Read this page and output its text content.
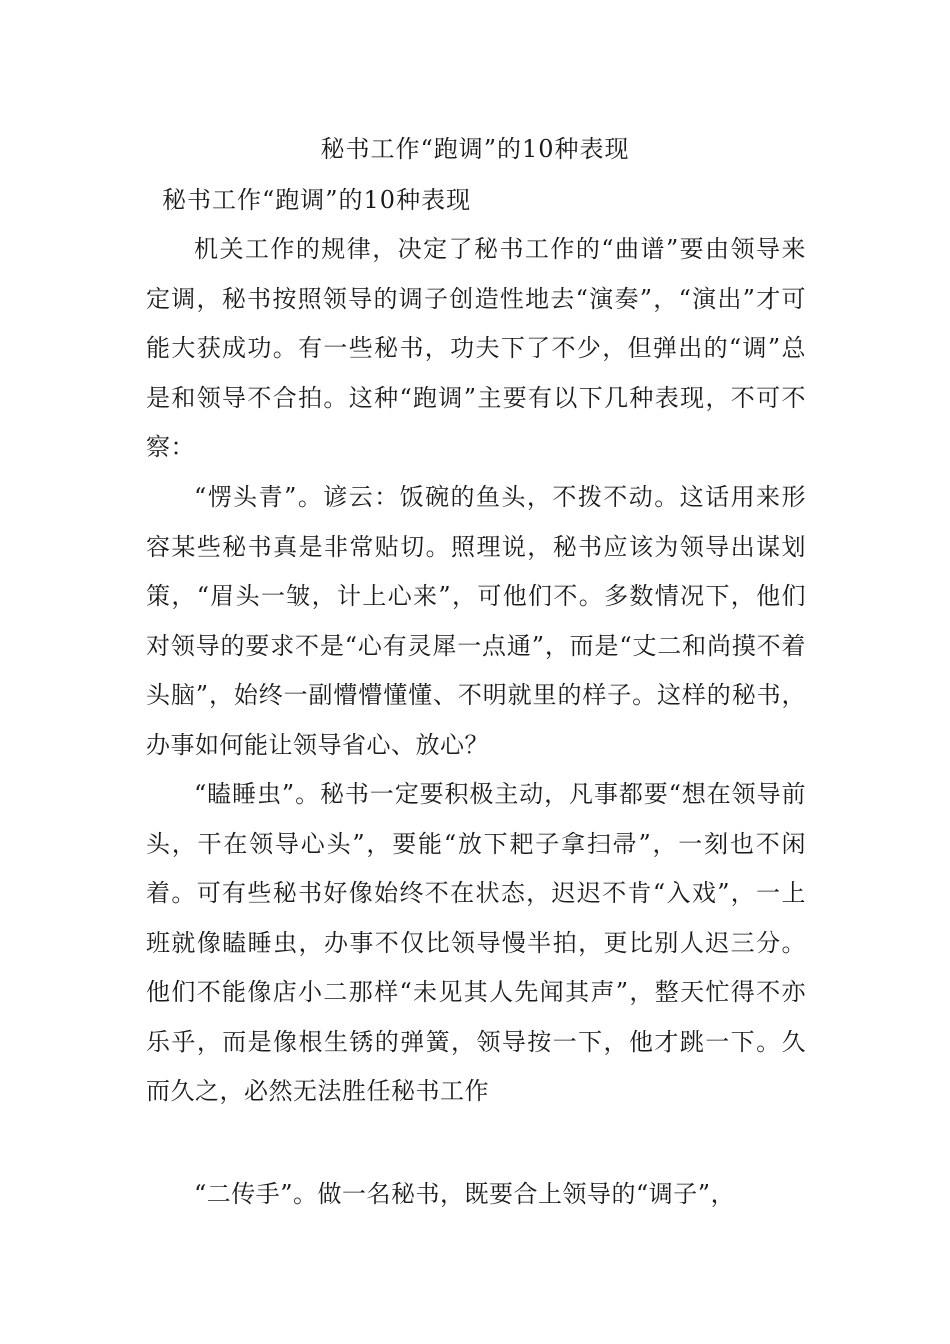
秘书工作“跑调”的10种表现
秘书工作“跑调”的10种表现

机关工作的规律，决定了秘书工作的“曲谱”要由领导来定调，秘书按照领导的调子创造性地去“演奏”，“演出”才可能大获成功。有一些秘书，功夫下了不少，但弹出的“调”总是和领导不合拍。这种“跑调”主要有以下几种表现，不可不察：

“愣头青”。谚云：饭碗的鱼头，不拨不动。这话用来形容某些秘书真是非常贴切。照理说，秘书应该为领导出谋划策，“眉头一皱，计上心来”，可他们不。多数情况下，他们对领导的要求不是“心有灵犀一点通”，而是“丈二和尚摸不着头脑”，始终一副懵懵懂懂、不明就里的样子。这样的秘书，办事如何能让领导省心、放心？

“瞌睡虫”。秘书一定要积极主动，凡事都要“想在领导前头，干在领导心头”，要能“放下耙子拿扫帚”，一刻也不闲着。可有些秘书好像始终不在状态，迟迟不肯“入戏”，一上班就像瞌睡虫，办事不仅比领导慢半拍，更比别人迟三分。他们不能像店小二那样“未见其人先闻其声”，整天忙得不亦乐乎，而是像根生锈的弹簧，领导按一下，他才跳一下。久而久之，必然无法胜任秘书工作

“二传手”。做一名秘书，既要合上领导的“调子”，
